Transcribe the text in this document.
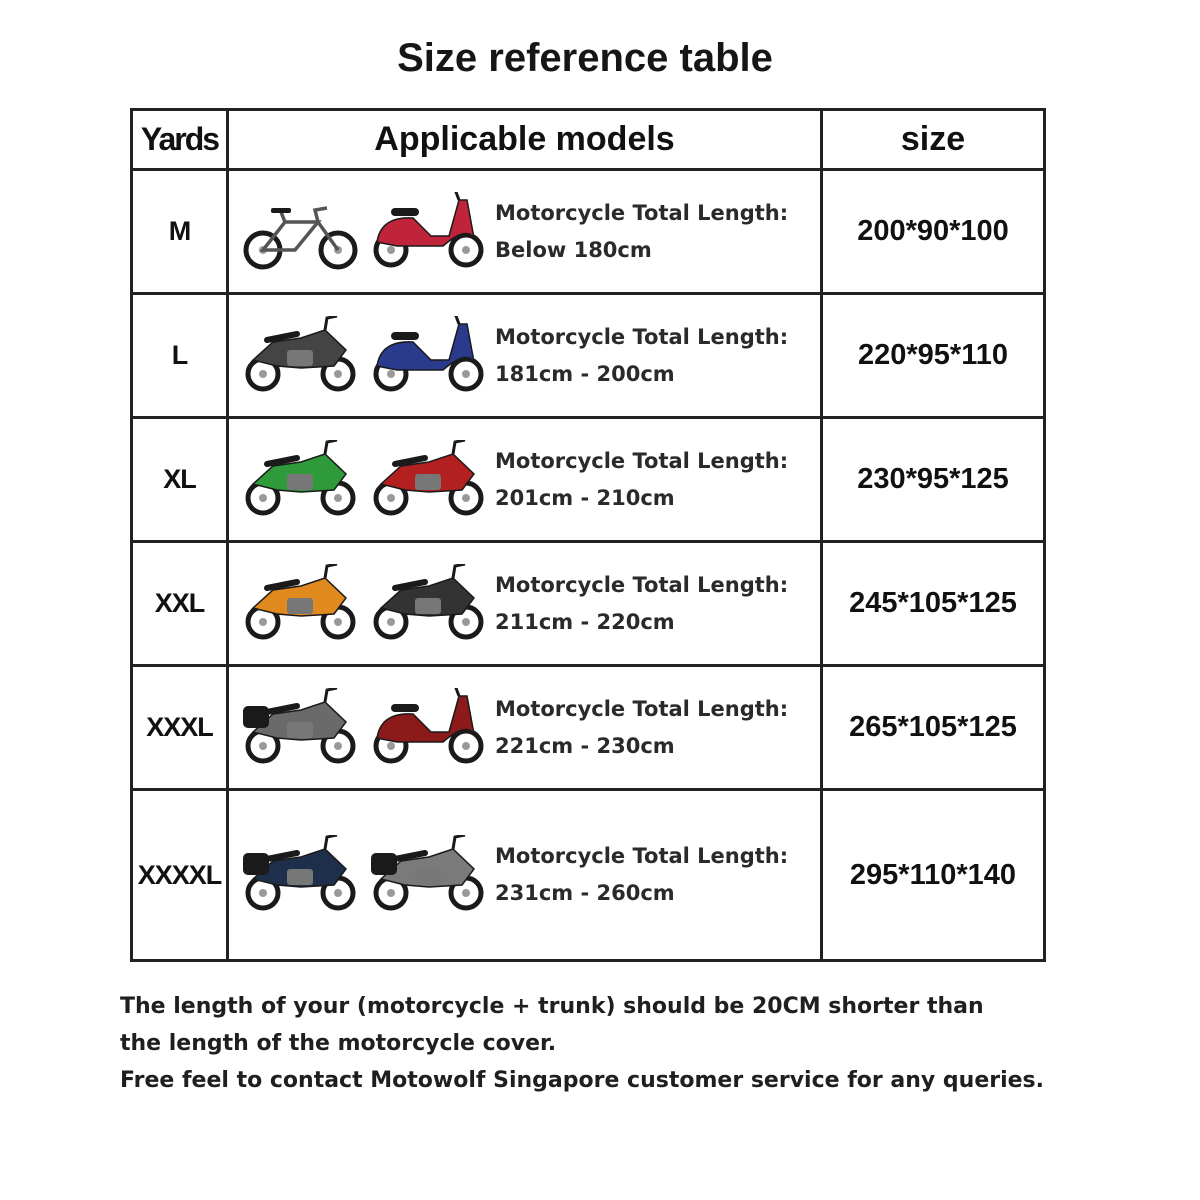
Size reference table
Yards	Applicable models	size
M
Motorcycle Total Length:
Below 180cm
200*90*100
L
Motorcycle Total Length:
181cm - 200cm
220*95*110
XL
Motorcycle Total Length:
201cm - 210cm
230*95*125
XXL
Motorcycle Total Length:
211cm - 220cm
245*105*125
XXXL
Motorcycle Total Length:
221cm - 230cm
265*105*125
XXXXL
Motorcycle Total Length:
231cm - 260cm
295*110*140
The length of your (motorcycle + trunk) should be 20CM shorter than
the length of the motorcycle cover.
Free feel to contact Motowolf Singapore customer service for any queries.
